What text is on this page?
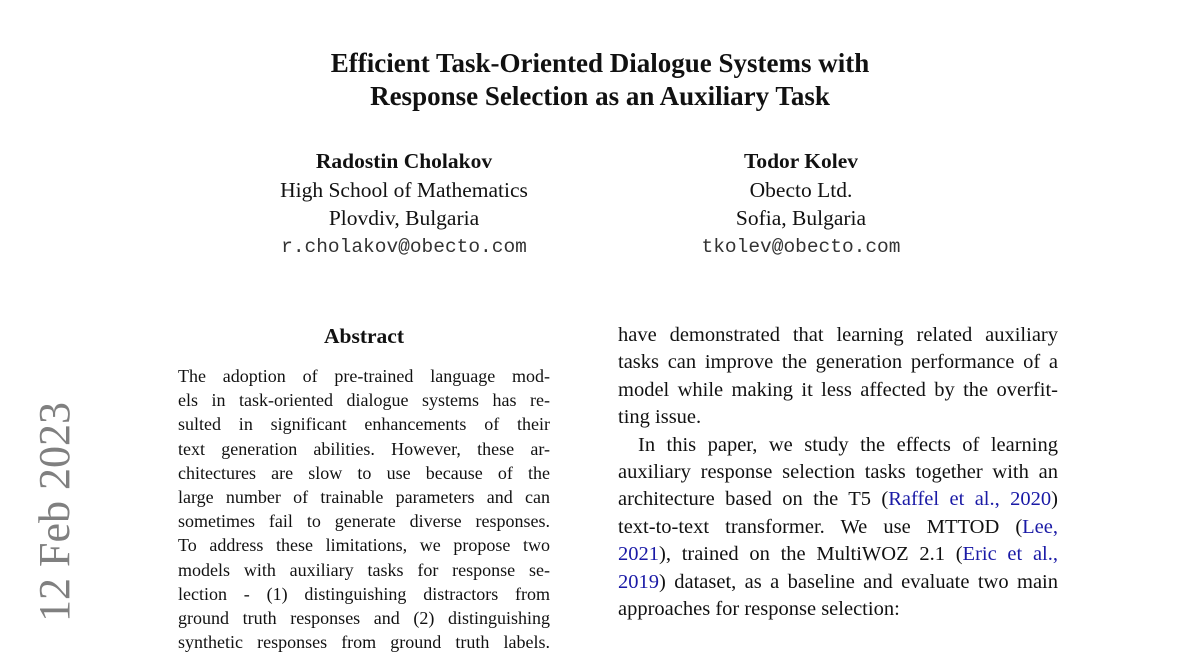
Efficient Task-Oriented Dialogue Systems with
Response Selection as an Auxiliary Task
Radostin Cholakov
High School of Mathematics
Plovdiv, Bulgaria
r.cholakov@obecto.com
Todor Kolev
Obecto Ltd.
Sofia, Bulgaria
tkolev@obecto.com
12 Feb 2023
Abstract
The adoption of pre-trained language mod-
els in task-oriented dialogue systems has re-
sulted in significant enhancements of their
text generation abilities. However, these ar-
chitectures are slow to use because of the
large number of trainable parameters and can
sometimes fail to generate diverse responses.
To address these limitations, we propose two
models with auxiliary tasks for response se-
lection - (1) distinguishing distractors from
ground truth responses and (2) distinguishing
synthetic responses from ground truth labels.
have demonstrated that learning related auxiliary
tasks can improve the generation performance of a
model while making it less affected by the overfit-
ting issue.
In this paper, we study the effects of learning
auxiliary response selection tasks together with an
architecture based on the T5 (Raffel et al., 2020)
text-to-text transformer. We use MTTOD (Lee,
2021), trained on the MultiWOZ 2.1 (Eric et al.,
2019) dataset, as a baseline and evaluate two main
approaches for response selection:
